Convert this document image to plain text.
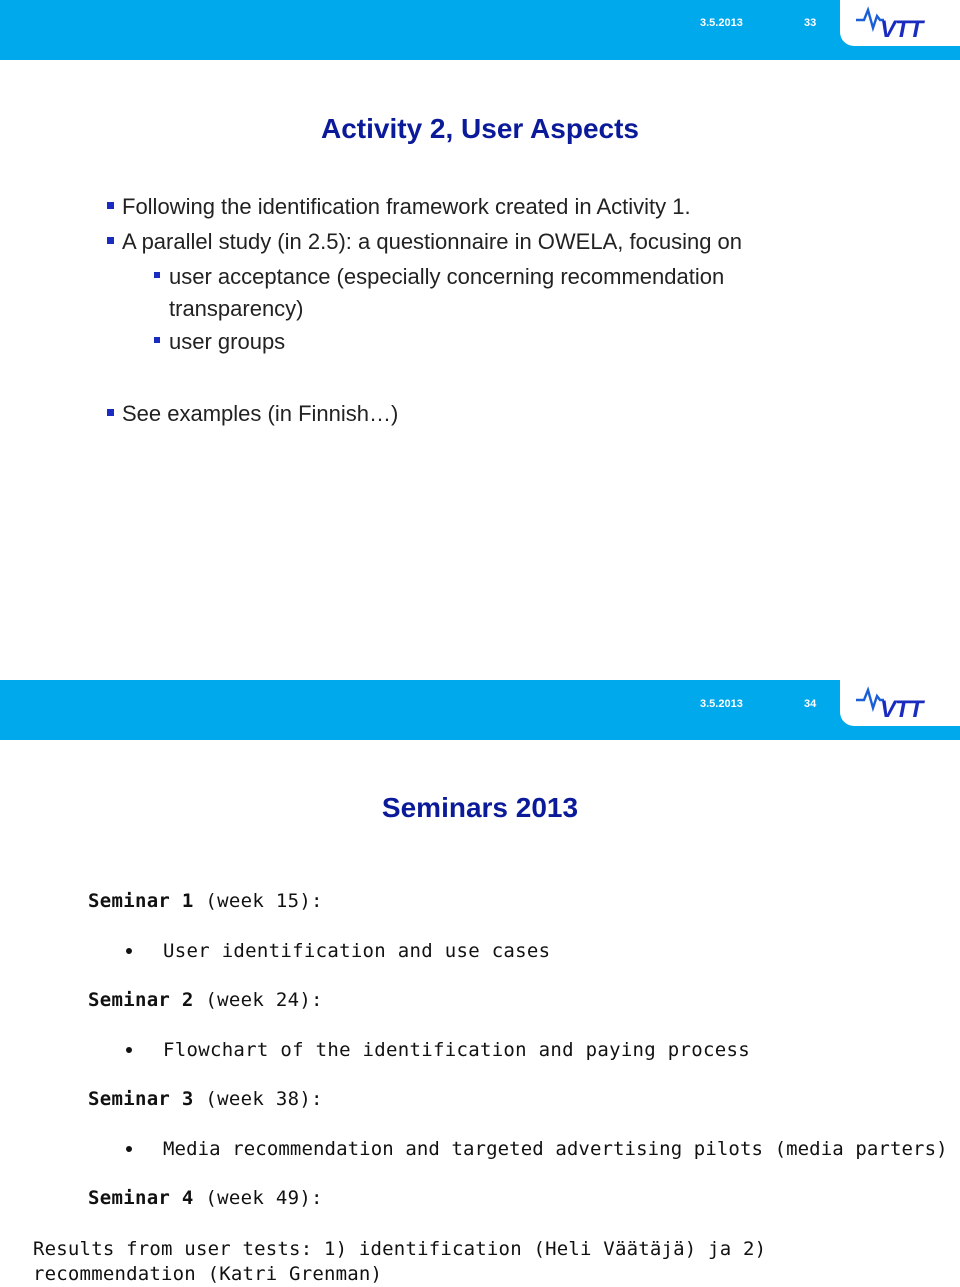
3.5.2013	33	VTT
Activity 2, User Aspects
Following the identification framework created in Activity 1.
A parallel study (in 2.5): a questionnaire in OWELA, focusing on
user acceptance (especially concerning recommendation transparency)
user groups
See examples (in Finnish…)
3.5.2013	34	VTT
Seminars 2013
Seminar 1 (week 15):
User identification and use cases
Seminar 2 (week 24):
Flowchart of the identification and paying process
Seminar 3 (week 38):
Media recommendation and targeted advertising pilots (media parters)
Seminar 4 (week 49):
Results from user tests: 1) identification (Heli Väätäjä) ja 2) recommendation (Katri Grenman)
